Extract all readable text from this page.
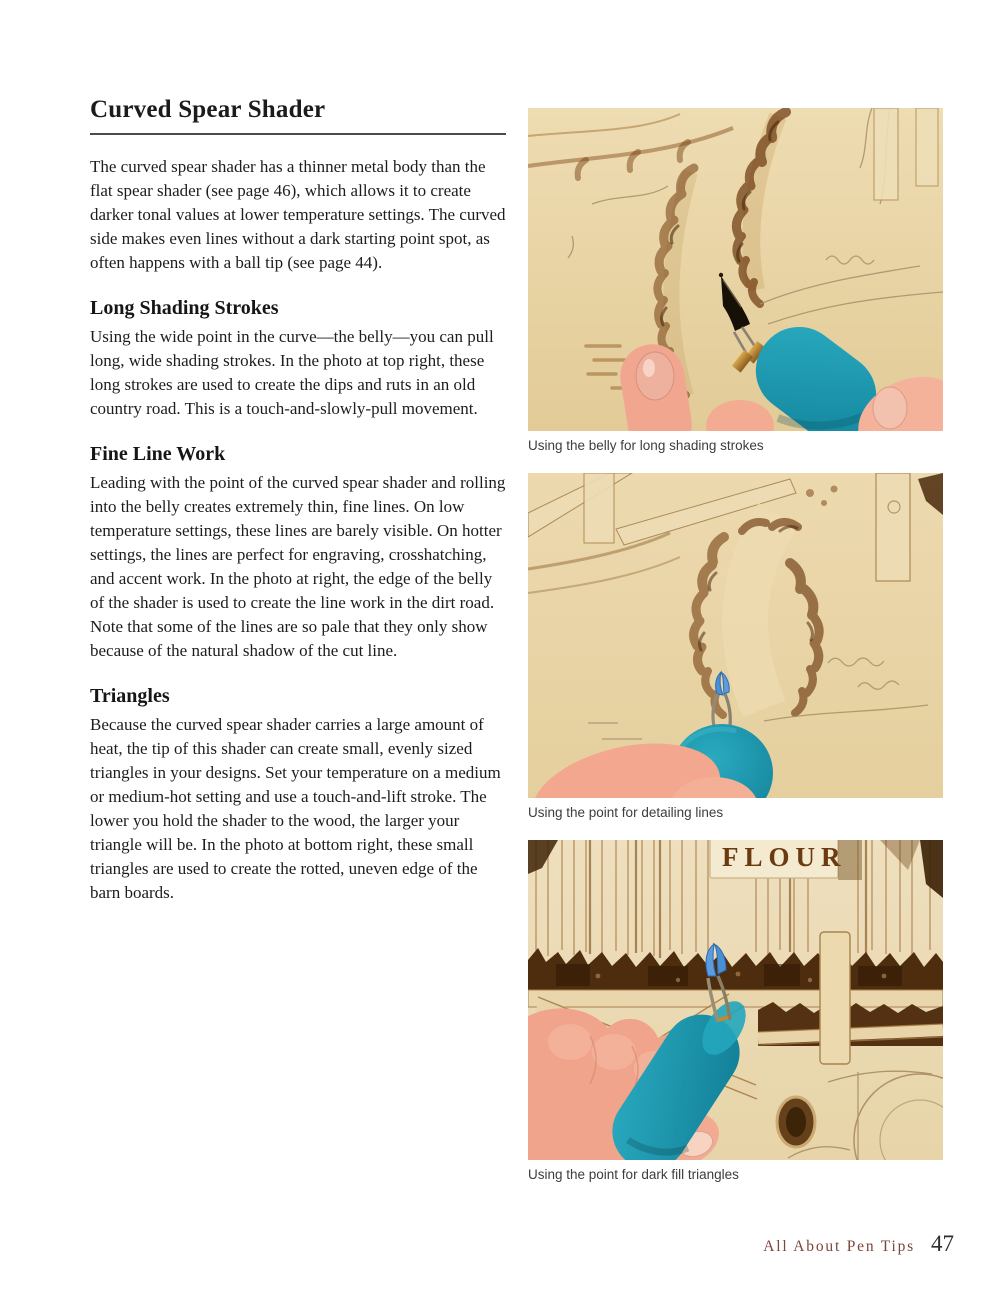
Curved Spear Shader

The curved spear shader has a thinner metal body than the flat spear shader (see page 46), which allows it to create darker tonal values at lower temperature settings. The curved side makes even lines without a dark starting point spot, as often happens with a ball tip (see page 44).

Long Shading Strokes

Using the wide point in the curve—the belly—you can pull long, wide shading strokes. In the photo at top right, these long strokes are used to create the dips and ruts in an old country road. This is a touch-and-slowly-pull movement.

Fine Line Work

Leading with the point of the curved spear shader and rolling into the belly creates extremely thin, fine lines. On low temperature settings, these lines are barely visible. On hotter settings, the lines are perfect for engraving, crosshatching, and accent work. In the photo at right, the edge of the belly of the shader is used to create the line work in the dirt road. Note that some of the lines are so pale that they only show because of the natural shadow of the cut line.

Triangles

Because the curved spear shader carries a large amount of heat, the tip of this shader can create small, evenly sized triangles in your designs. Set your temperature on a medium or medium-hot setting and use a touch-and-lift stroke. The lower you hold the shader to the wood, the larger your triangle will be. In the photo at bottom right, these small triangles are used to create the rotted, uneven edge of the barn boards.

Using the belly for long shading strokes
Using the point for detailing lines
FLOUR
Using the point for dark fill triangles
All About Pen Tips 47
